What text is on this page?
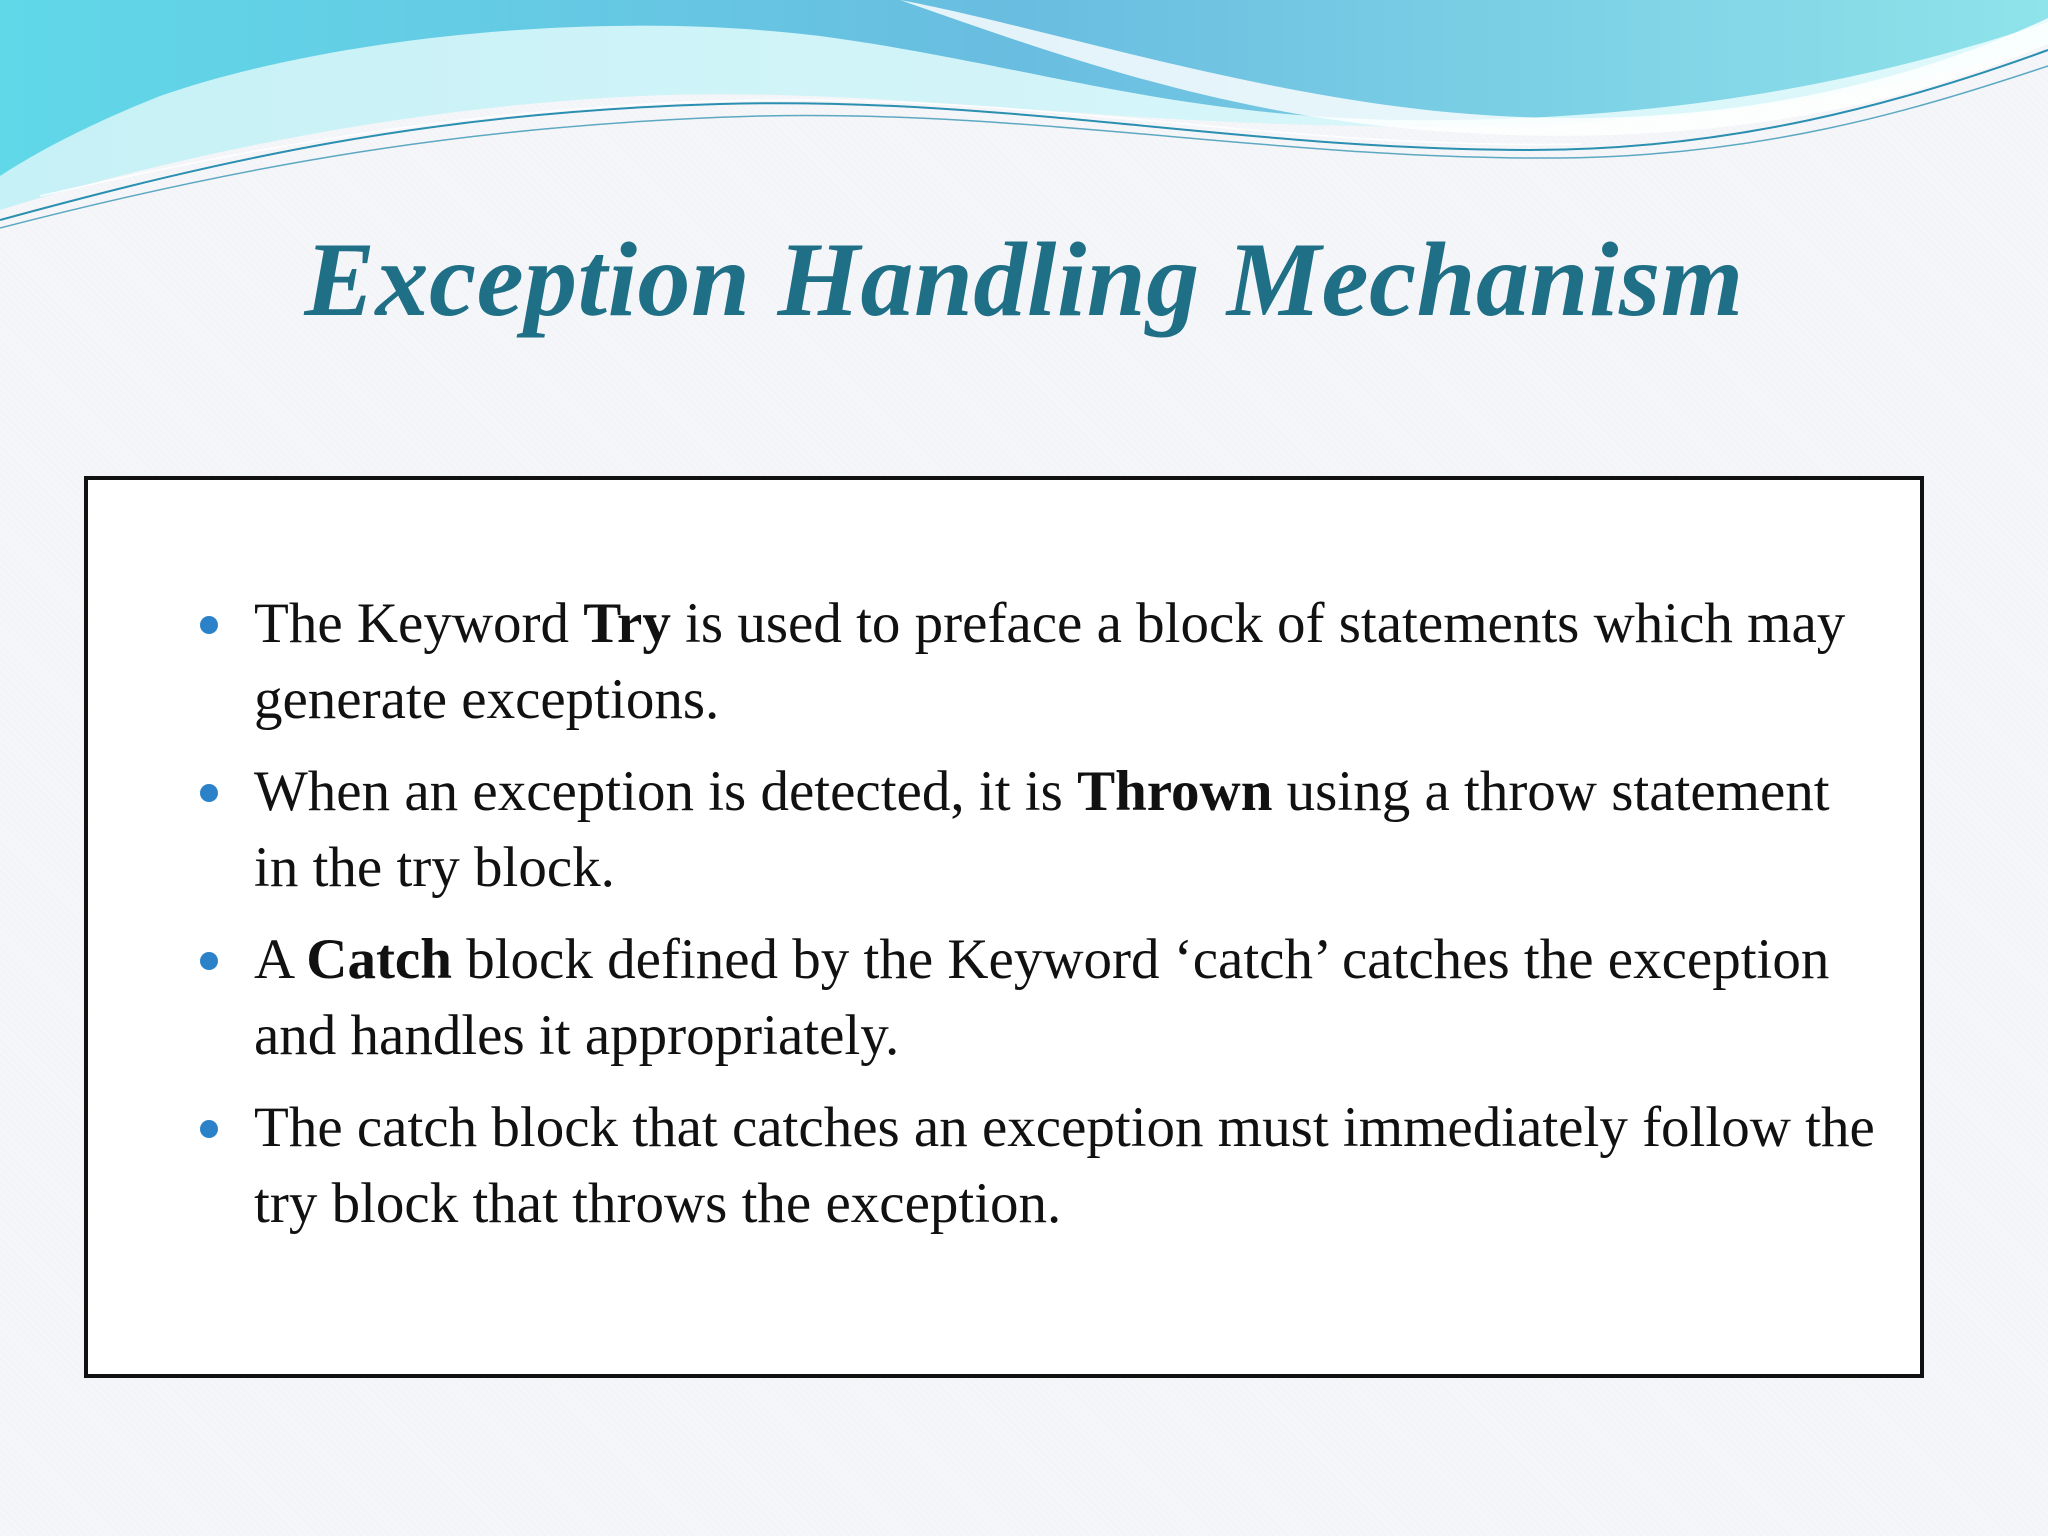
Exception Handling Mechanism
The Keyword Try is used to preface a block of statements which may generate exceptions.
When an exception is detected, it is Thrown using a throw statement in the try block.
A Catch block defined by the Keyword ‘catch’ catches the exception and handles it appropriately.
The catch block that catches an exception must immediately follow the try block that throws the exception.
